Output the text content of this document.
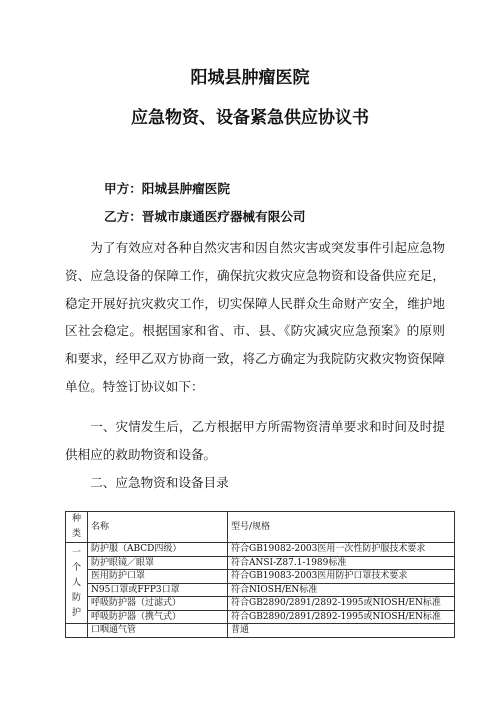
阳城县肿瘤医院
应急物资、设备紧急供应协议书
甲方：阳城县肿瘤医院
乙方：晋城市康通医疗器械有限公司

为了有效应对各种自然灾害和因自然灾害或突发事件引起应急物资、应急设备的保障工作，确保抗灾救灾应急物资和设备供应充足，稳定开展好抗灾救灾工作，切实保障人民群众生命财产安全，维护地区社会稳定。根据国家和省、市、县、《防灾减灾应急预案》的原则和要求，经甲乙双方协商一致，将乙方确定为我院防灾救灾物资保障单位。特签订协议如下：

一、灾情发生后，乙方根据甲方所需物资清单要求和时间及时提供相应的救助物资和设备。

二、应急物资和设备目录

种类	名称	型号/规格
一个人防护	防护服（ABCD四级）	符合GB19082-2003医用一次性防护服技术要求
	防护眼镜／眼罩	符合ANSI-Z87.1-1989标准
	医用防护口罩	符合GB19083-2003医用防护口罩技术要求
	N95口罩或FFP3口罩	符合NIOSH/EN标准
	呼吸防护器（过滤式）	符合GB2890/2891/2892-1995或NIOSH/EN标准
	呼吸防护器（携气式）	符合GB2890/2891/2892-1995或NIOSH/EN标准
	口咽通气管	普通
